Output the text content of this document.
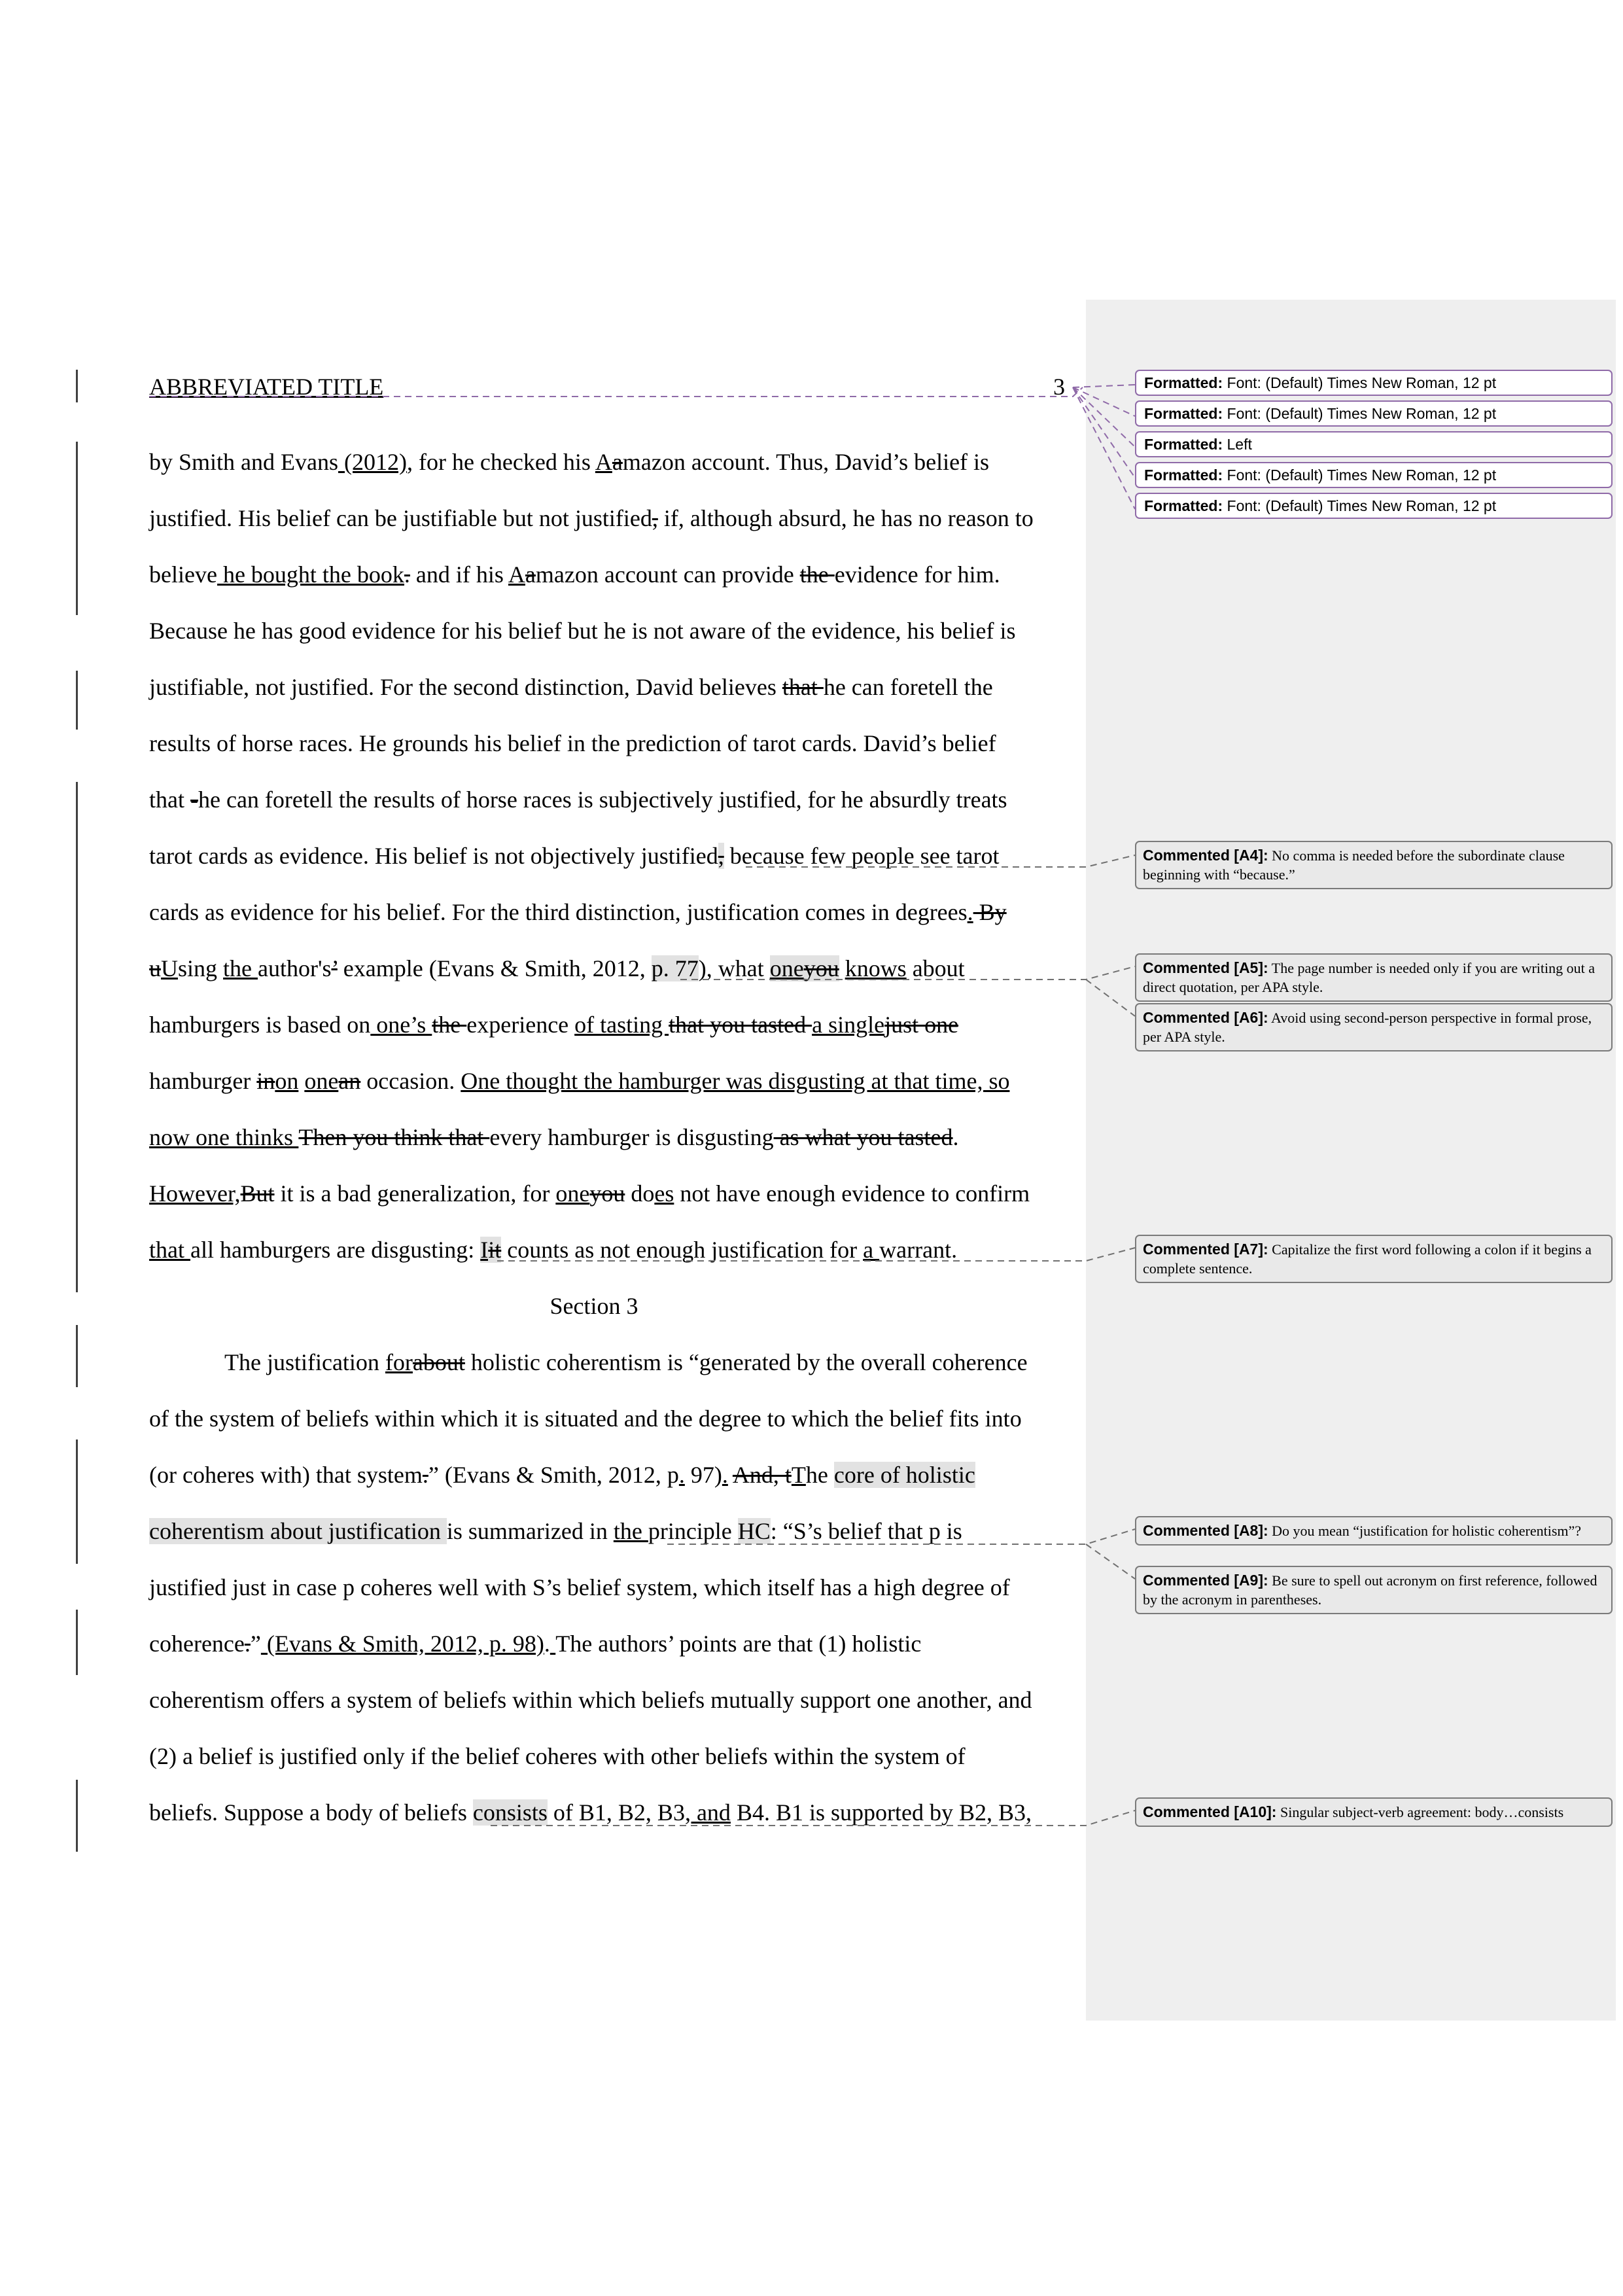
ABBREVIATED TITLE	3
by Smith and Evans (2012), for he checked his Aamazon account. Thus, David’s belief is
justified. His belief can be justifiable but not justified, if, although absurd, he has no reason to
believe he bought the book. and if his Aamazon account can provide the evidence for him.
Because he has good evidence for his belief but he is not aware of the evidence, his belief is
justifiable, not justified. For the second distinction, David believes that he can foretell the
results of horse races. He grounds his belief in the prediction of tarot cards. David’s belief
that -he can foretell the results of horse races is subjectively justified, for he absurdly treats
tarot cards as evidence. His belief is not objectively justified, because few people see tarot
cards as evidence for his belief. For the third distinction, justification comes in degrees. By
uUsing the author's’ example (Evans & Smith, 2012, p. 77), what oneyou knows about
hamburgers is based on one’s the experience of tasting that you tasted a singlejust one
hamburger inon onean occasion. One thought the hamburger was disgusting at that time, so
now one thinks Then you think that every hamburger is disgusting as what you tasted.
However,But it is a bad generalization, for oneyou does not have enough evidence to confirm
that all hamburgers are disgusting: Iit counts as not enough justification for a warrant.
Section 3
The justification forabout holistic coherentism is “generated by the overall coherence
of the system of beliefs within which it is situated and the degree to which the belief fits into
(or coheres with) that system.” (Evans & Smith, 2012, p. 97). And, tThe core of holistic
coherentism about justification is summarized in the principle HC: “S’s belief that p is
justified just in case p coheres well with S’s belief system, which itself has a high degree of
coherence.” (Evans & Smith, 2012, p. 98). The authors’ points are that (1) holistic
coherentism offers a system of beliefs within which beliefs mutually support one another, and
(2) a belief is justified only if the belief coheres with other beliefs within the system of
beliefs. Suppose a body of beliefs consists of B1, B2, B3, and B4. B1 is supported by B2, B3,
Formatted: Font: (Default) Times New Roman, 12 pt
Formatted: Font: (Default) Times New Roman, 12 pt
Formatted: Left
Formatted: Font: (Default) Times New Roman, 12 pt
Formatted: Font: (Default) Times New Roman, 12 pt
Commented [A4]: No comma is needed before the subordinate clause beginning with “because.”
Commented [A5]: The page number is needed only if you are writing out a direct quotation, per APA style.
Commented [A6]: Avoid using second-person perspective in formal prose, per APA style.
Commented [A7]: Capitalize the first word following a colon if it begins a complete sentence.
Commented [A8]: Do you mean “justification for holistic coherentism”?
Commented [A9]: Be sure to spell out acronym on first reference, followed by the acronym in parentheses.
Commented [A10]: Singular subject-verb agreement: body…consists
